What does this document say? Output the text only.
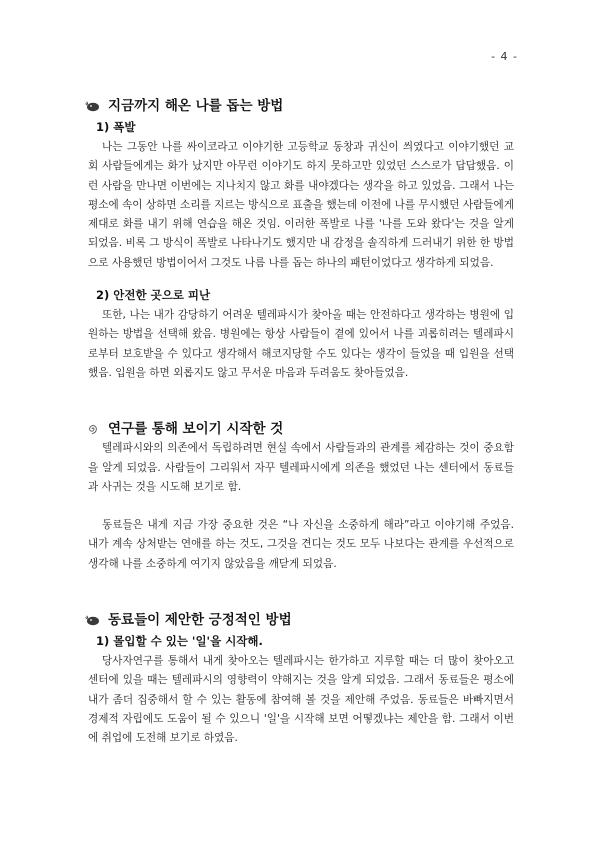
- 4 -
지금까지 해온 나를 돕는 방법
1) 폭발

나는 그동안 나를 싸이코라고 이야기한 고등학교 동창과 귀신이 씌였다고 이야기했던 교회 사람들에게는 화가 났지만 아무런 이야기도 하지 못하고만 있었던 스스로가 답답했음. 이런 사람을 만나면 이번에는 지나치지 않고 화를 내야겠다는 생각을 하고 있었음. 그래서 나는 평소에 속이 상하면 소리를 지르는 방식으로 표출을 했는데 이전에 나를 무시했던 사람들에게 제대로 화를 내기 위해 연습을 해온 것임. 이러한 폭발로 나를 '나를 도와 왔다'는 것을 알게 되었음. 비록 그 방식이 폭발로 나타나기도 했지만 내 감정을 솔직하게 드러내기 위한 한 방법으로 사용했던 방법이어서 그것도 나름 나를 돕는 하나의 패턴이었다고 생각하게 되었음.

2) 안전한 곳으로 피난

또한, 나는 내가 감당하기 어려운 텔레파시가 찾아올 때는 안전하다고 생각하는 병원에 입원하는 방법을 선택해 왔음. 병원에는 항상 사람들이 곁에 있어서 나를 괴롭히려는 텔레파시로부터 보호받을 수 있다고 생각해서 해코지당할 수도 있다는 생각이 들었을 때 입원을 선택했음. 입원을 하면 외롭지도 않고 무서운 마음과 두려움도 찾아들었음.

연구를 통해 보이기 시작한 것

텔레파시와의 의존에서 독립하려면 현실 속에서 사람들과의 관계를 체감하는 것이 중요함을 알게 되었음. 사람들이 그리워서 자꾸 텔레파시에게 의존을 했었던 나는 센터에서 동료들과 사귀는 것을 시도해 보기로 함.

동료들은 내게 지금 가장 중요한 것은 “나 자신을 소중하게 해라”라고 이야기해 주었음. 내가 계속 상처받는 연애를 하는 것도, 그것을 견디는 것도 모두 나보다는 관계를 우선적으로 생각해 나를 소중하게 여기지 않았음을 깨닫게 되었음.

동료들이 제안한 긍정적인 방법
1) 몰입할 수 있는 '일'을 시작해.

당사자연구를 통해서 내게 찾아오는 텔레파시는 한가하고 지루할 때는 더 많이 찾아오고 센터에 있을 때는 텔레파시의 영향력이 약해지는 것을 알게 되었음. 그래서 동료들은 평소에 내가 좀더 집중해서 할 수 있는 활동에 참여해 볼 것을 제안해 주었음. 동료들은 바빠지면서 경제적 자립에도 도움이 될 수 있으니 '일'을 시작해 보면 어떻겠냐는 제안을 함. 그래서 이번에 취업에 도전해 보기로 하였음.
